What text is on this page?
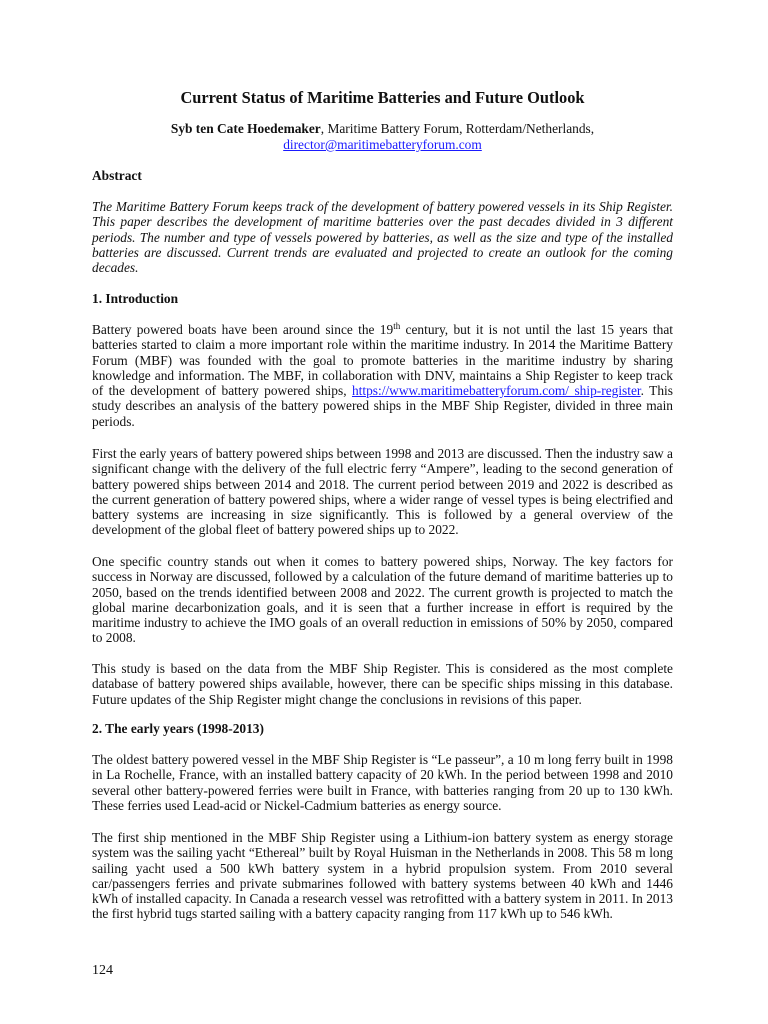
Current Status of Maritime Batteries and Future Outlook
Syb ten Cate Hoedemaker, Maritime Battery Forum, Rotterdam/Netherlands,
director@maritimebatteryforum.com
Abstract
The Maritime Battery Forum keeps track of the development of battery powered vessels in its Ship Register. This paper describes the development of maritime batteries over the past decades divided in 3 different periods. The number and type of vessels powered by batteries, as well as the size and type of the installed batteries are discussed. Current trends are evaluated and projected to create an outlook for the coming decades.
1. Introduction

Battery powered boats have been around since the 19th century, but it is not until the last 15 years that batteries started to claim a more important role within the maritime industry. In 2014 the Maritime Battery Forum (MBF) was founded with the goal to promote batteries in the maritime industry by sharing knowledge and information. The MBF, in collaboration with DNV, maintains a Ship Register to keep track of the development of battery powered ships, https://www.maritimebatteryforum.com/ ship-register. This study describes an analysis of the battery powered ships in the MBF Ship Register, divided in three main periods.

First the early years of battery powered ships between 1998 and 2013 are discussed. Then the industry saw a significant change with the delivery of the full electric ferry “Ampere”, leading to the second generation of battery powered ships between 2014 and 2018. The current period between 2019 and 2022 is described as the current generation of battery powered ships, where a wider range of vessel types is being electrified and battery systems are increasing in size significantly. This is followed by a general overview of the development of the global fleet of battery powered ships up to 2022.
One specific country stands out when it comes to battery powered ships, Norway. The key factors for success in Norway are discussed, followed by a calculation of the future demand of maritime batteries up to 2050, based on the trends identified between 2008 and 2022. The current growth is projected to match the global marine decarbonization goals, and it is seen that a further increase in effort is required by the maritime industry to achieve the IMO goals of an overall reduction in emissions of 50% by 2050, compared to 2008.
This study is based on the data from the MBF Ship Register. This is considered as the most complete database of battery powered ships available, however, there can be specific ships missing in this database. Future updates of the Ship Register might change the conclusions in revisions of this paper.
2. The early years (1998-2013)
The oldest battery powered vessel in the MBF Ship Register is “Le passeur”, a 10 m long ferry built in 1998 in La Rochelle, France, with an installed battery capacity of 20 kWh. In the period between 1998 and 2010 several other battery-powered ferries were built in France, with batteries ranging from 20 up to 130 kWh. These ferries used Lead-acid or Nickel-Cadmium batteries as energy source.
The first ship mentioned in the MBF Ship Register using a Lithium-ion battery system as energy storage system was the sailing yacht “Ethereal” built by Royal Huisman in the Netherlands in 2008. This 58 m long sailing yacht used a 500 kWh battery system in a hybrid propulsion system. From 2010 several car/passengers ferries and private submarines followed with battery systems between 40 kWh and 1446 kWh of installed capacity. In Canada a research vessel was retrofitted with a battery system in 2011. In 2013 the first hybrid tugs started sailing with a battery capacity ranging from 117 kWh up to 546 kWh.
124
